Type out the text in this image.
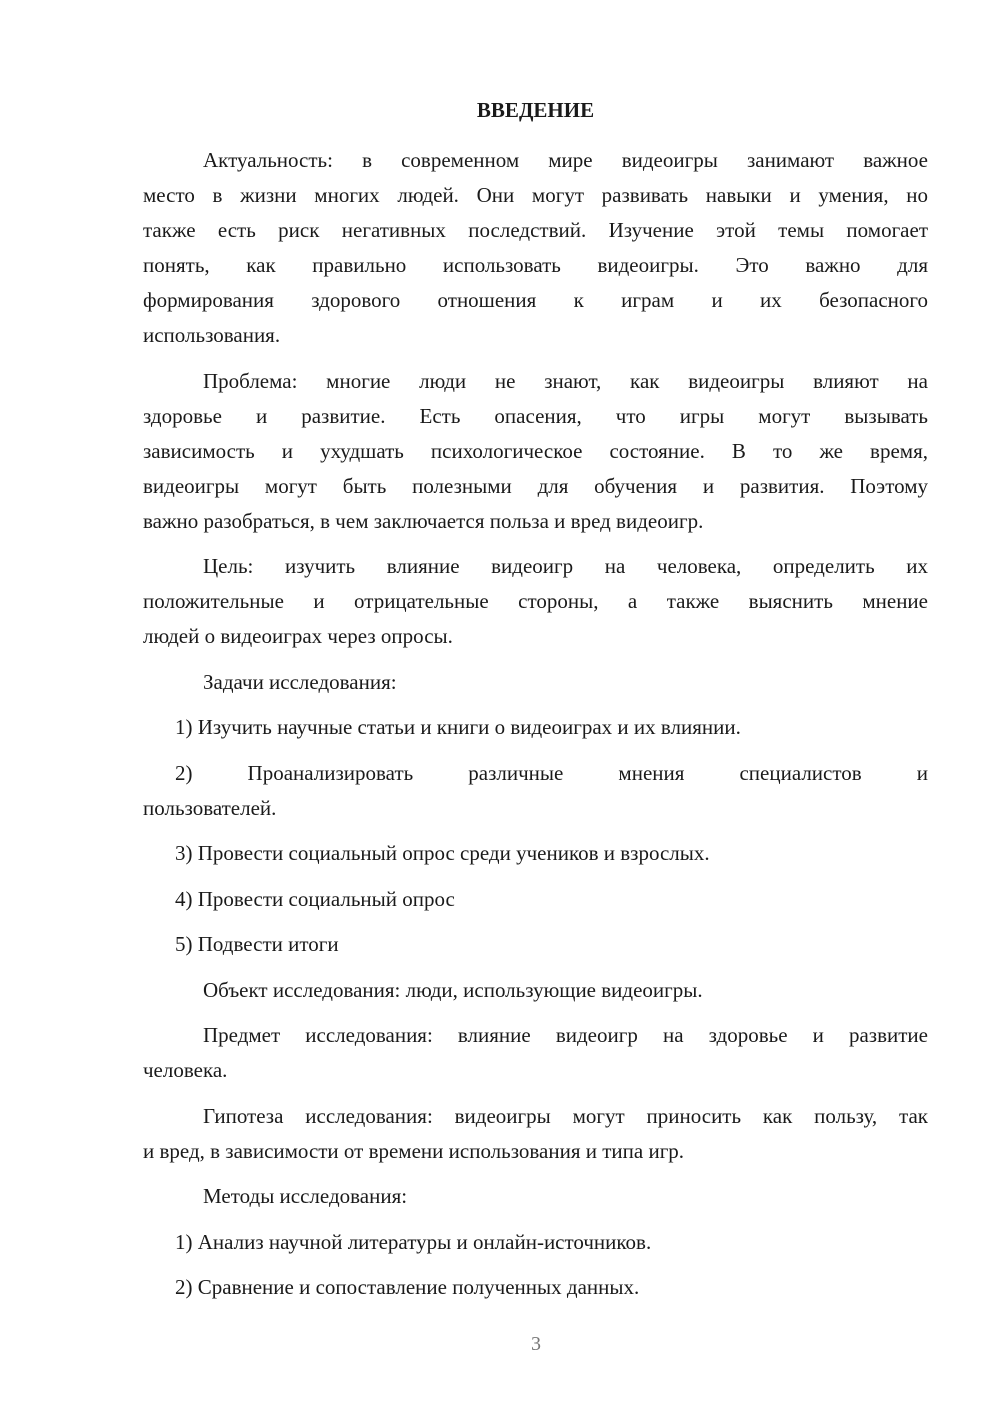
ВВЕДЕНИЕ
Актуальность: в современном мире видеоигры занимают важное
место в жизни многих людей. Они могут развивать навыки и умения, но
также есть риск негативных последствий. Изучение этой темы помогает
понять, как правильно использовать видеоигры. Это важно для
формирования здорового отношения к играм и их безопасного
использования.
Проблема: многие люди не знают, как видеоигры влияют на
здоровье и развитие. Есть опасения, что игры могут вызывать
зависимость и ухудшать психологическое состояние. В то же время,
видеоигры могут быть полезными для обучения и развития. Поэтому
важно разобраться, в чем заключается польза и вред видеоигр.
Цель: изучить влияние видеоигр на человека, определить их
положительные и отрицательные стороны, а также выяснить мнение
людей о видеоиграх через опросы.
Задачи исследования:
1) Изучить научные статьи и книги о видеоиграх и их влиянии.
2) Проанализировать различные мнения специалистов и
пользователей.
3) Провести социальный опрос среди учеников и взрослых.
4) Провести социальный опрос
5) Подвести итоги
Объект исследования: люди, использующие видеоигры.
Предмет исследования: влияние видеоигр на здоровье и развитие
человека.
Гипотеза исследования: видеоигры могут приносить как пользу, так
и вред, в зависимости от времени использования и типа игр.
Методы исследования:
1) Анализ научной литературы и онлайн-источников.
2) Сравнение и сопоставление полученных данных.
3
